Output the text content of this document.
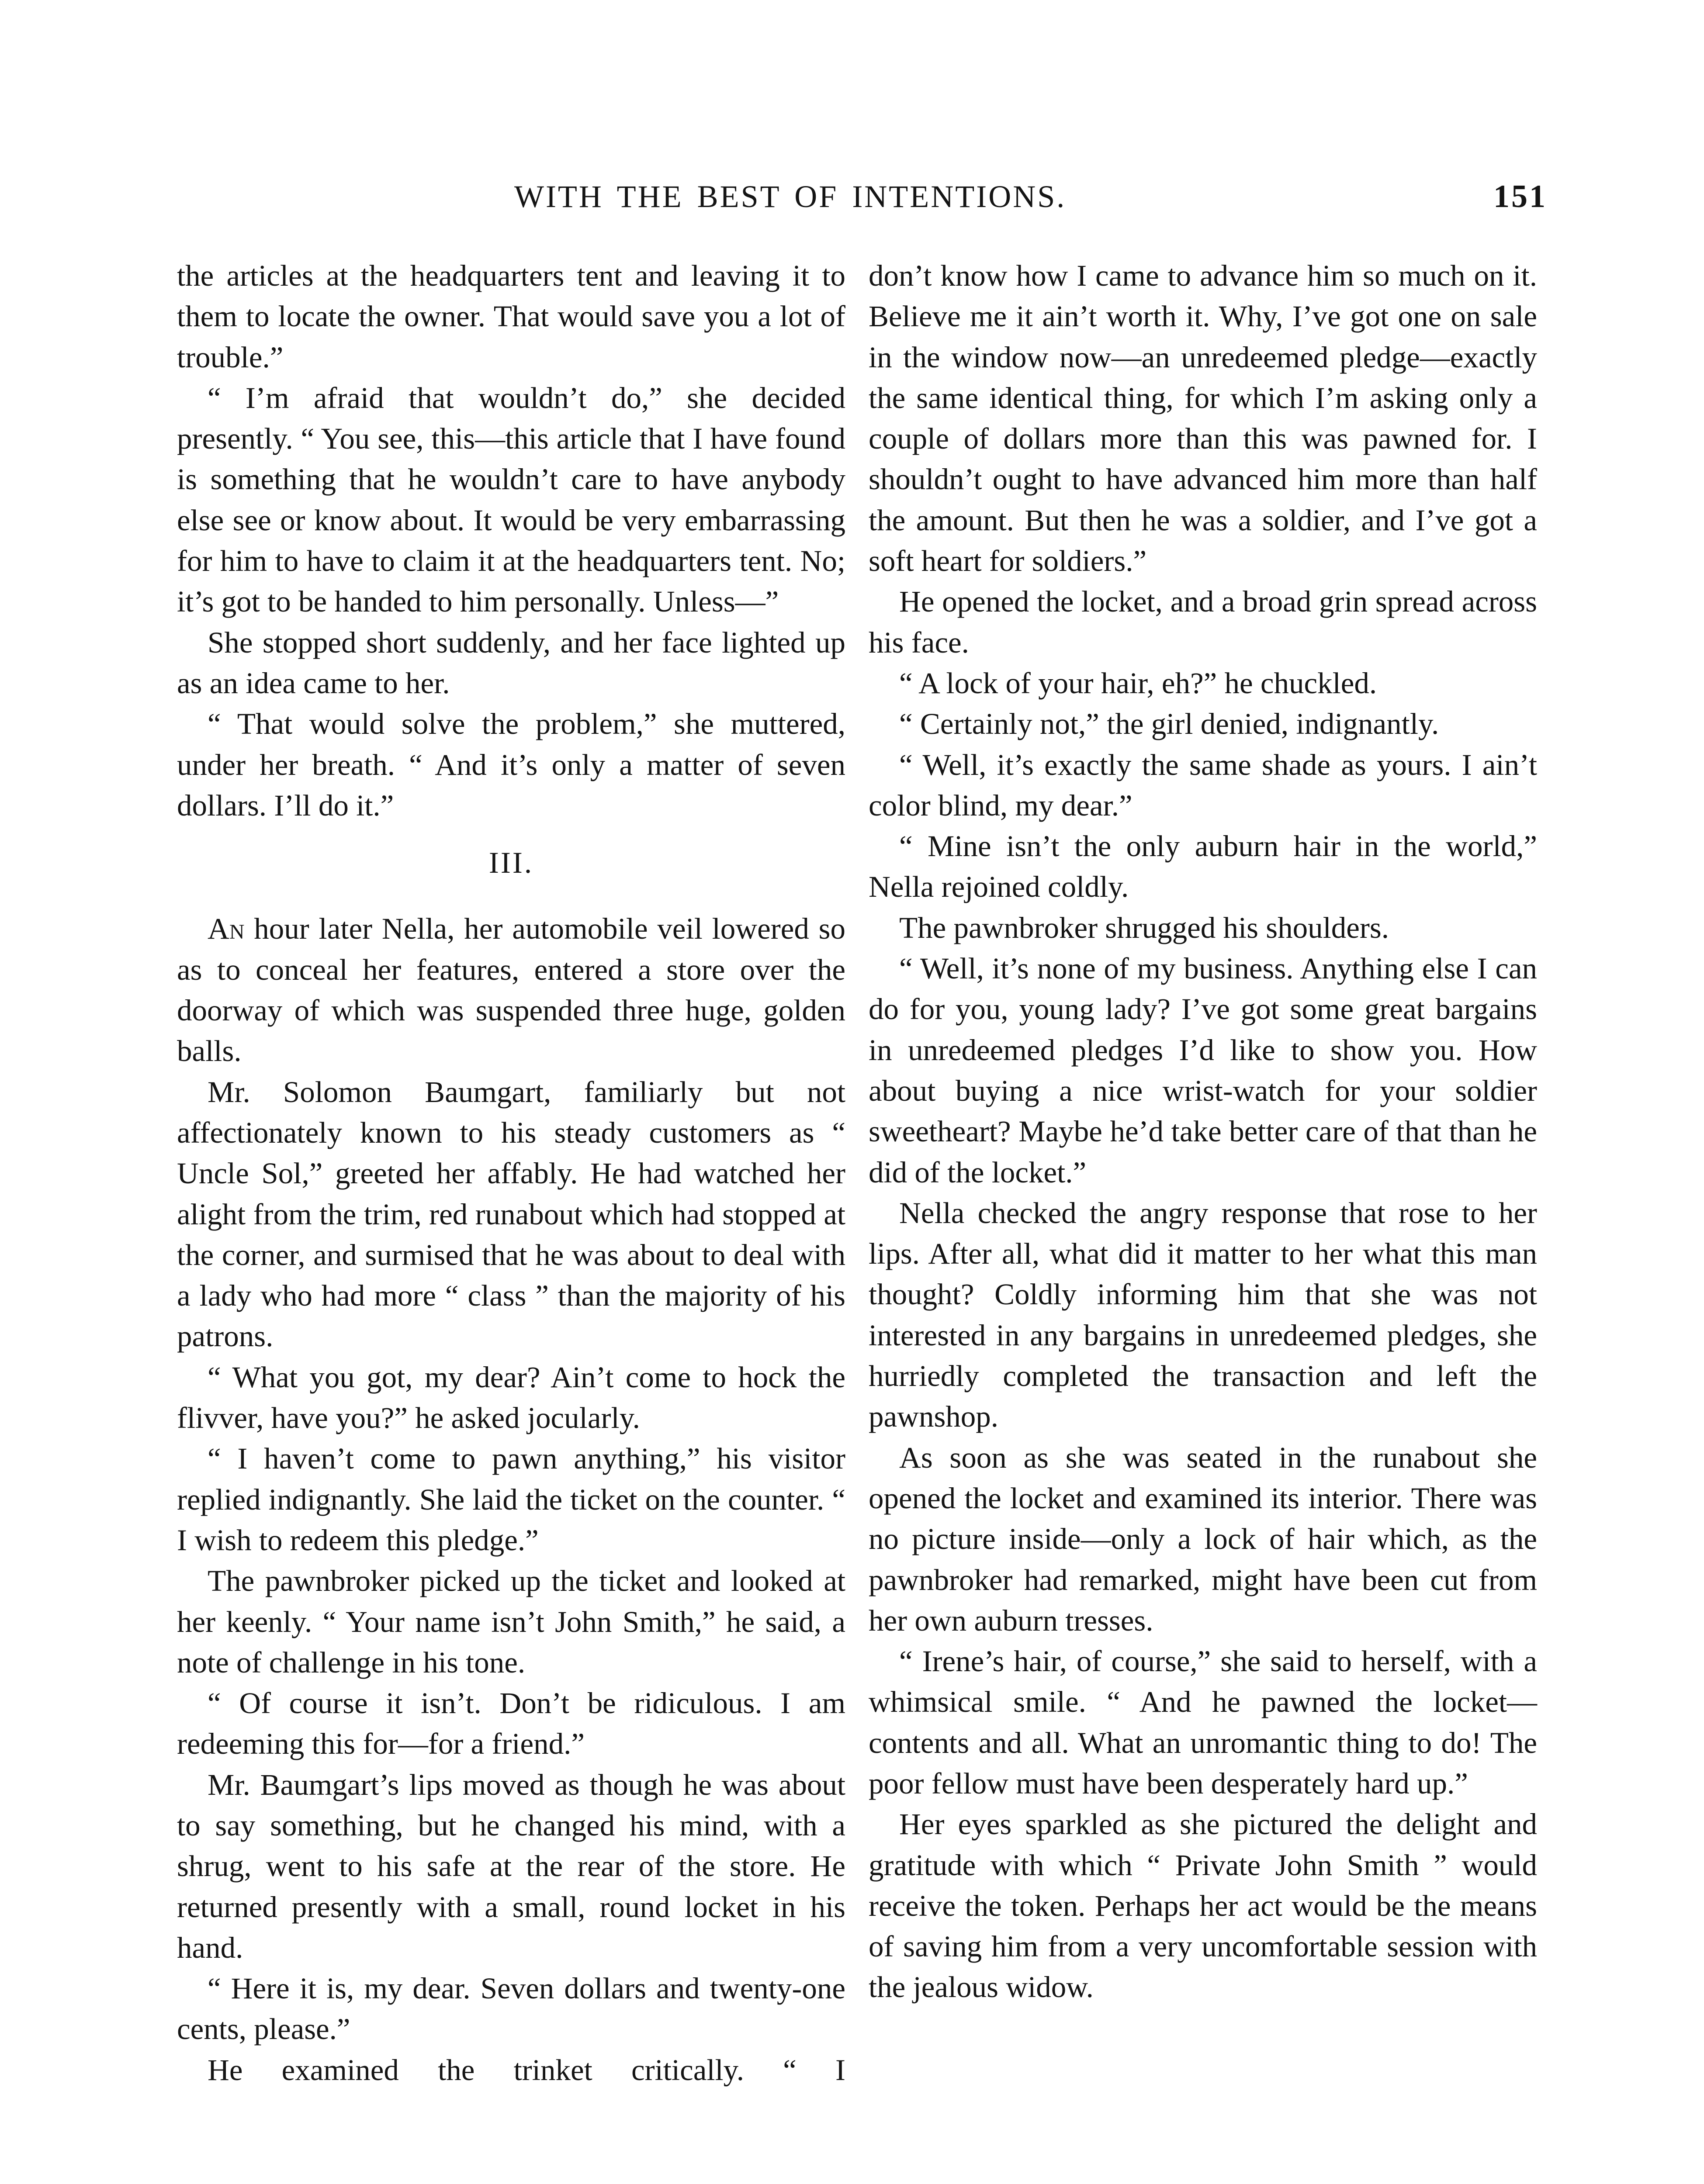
WITH THE BEST OF INTENTIONS.	151

the articles at the headquarters tent and leaving it to them to locate the owner. That would save you a lot of trouble.”

“ I’m afraid that wouldn’t do,” she decided presently. “ You see, this—this article that I have found is something that he wouldn’t care to have anybody else see or know about. It would be very embarrassing for him to have to claim it at the headquarters tent. No; it’s got to be handed to him personally. Unless—”

She stopped short suddenly, and her face lighted up as an idea came to her.

“ That would solve the problem,” she muttered, under her breath. “ And it’s only a matter of seven dollars. I’ll do it.”

III.

An hour later Nella, her automobile veil lowered so as to conceal her features, entered a store over the doorway of which was suspended three huge, golden balls.

Mr. Solomon Baumgart, familiarly but not affectionately known to his steady customers as “ Uncle Sol,” greeted her affably. He had watched her alight from the trim, red runabout which had stopped at the corner, and surmised that he was about to deal with a lady who had more “ class ” than the majority of his patrons.

“ What you got, my dear? Ain’t come to hock the flivver, have you?” he asked jocularly.

“ I haven’t come to pawn anything,” his visitor replied indignantly. She laid the ticket on the counter. “ I wish to redeem this pledge.”

The pawnbroker picked up the ticket and looked at her keenly. “ Your name isn’t John Smith,” he said, a note of challenge in his tone.

“ Of course it isn’t. Don’t be ridiculous. I am redeeming this for—for a friend.”

Mr. Baumgart’s lips moved as though he was about to say something, but he changed his mind, with a shrug, went to his safe at the rear of the store. He returned presently with a small, round locket in his hand.

“ Here it is, my dear. Seven dollars and twenty-one cents, please.”

He examined the trinket critically. “ I

don’t know how I came to advance him so much on it. Believe me it ain’t worth it. Why, I’ve got one on sale in the window now—an unredeemed pledge—exactly the same identical thing, for which I’m asking only a couple of dollars more than this was pawned for. I shouldn’t ought to have advanced him more than half the amount. But then he was a soldier, and I’ve got a soft heart for soldiers.”

He opened the locket, and a broad grin spread across his face.

“ A lock of your hair, eh?” he chuckled.

“ Certainly not,” the girl denied, indignantly.

“ Well, it’s exactly the same shade as yours. I ain’t color blind, my dear.”

“ Mine isn’t the only auburn hair in the world,” Nella rejoined coldly.

The pawnbroker shrugged his shoulders.

“ Well, it’s none of my business. Anything else I can do for you, young lady? I’ve got some great bargains in unredeemed pledges I’d like to show you. How about buying a nice wrist-watch for your soldier sweetheart? Maybe he’d take better care of that than he did of the locket.”

Nella checked the angry response that rose to her lips. After all, what did it matter to her what this man thought? Coldly informing him that she was not interested in any bargains in unredeemed pledges, she hurriedly completed the transaction and left the pawnshop.

As soon as she was seated in the runabout she opened the locket and examined its interior. There was no picture inside—only a lock of hair which, as the pawnbroker had remarked, might have been cut from her own auburn tresses.

“ Irene’s hair, of course,” she said to herself, with a whimsical smile. “ And he pawned the locket—contents and all. What an unromantic thing to do! The poor fellow must have been desperately hard up.”

Her eyes sparkled as she pictured the delight and gratitude with which “ Private John Smith ” would receive the token. Perhaps her act would be the means of saving him from a very uncomfortable session with the jealous widow.
